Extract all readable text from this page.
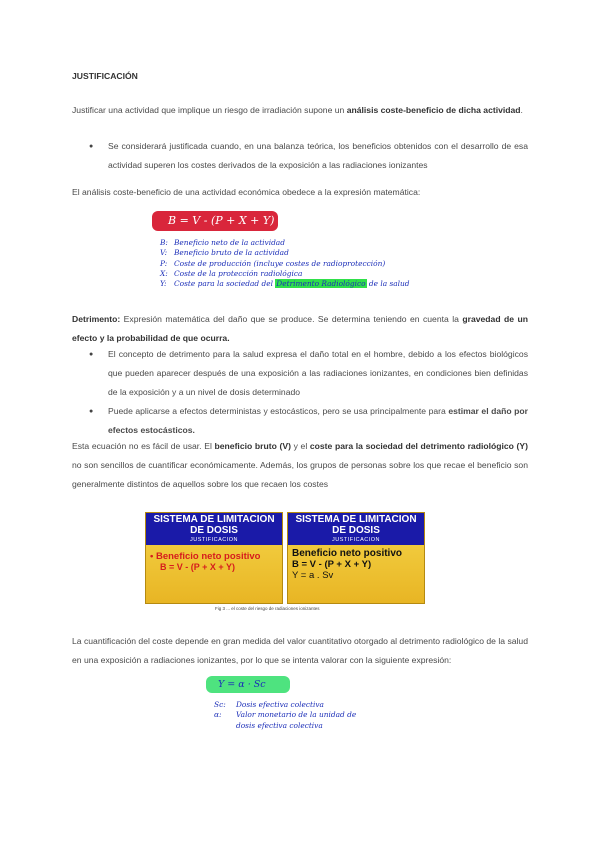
JUSTIFICACIÓN
Justificar una actividad que implique un riesgo de irradiación supone un análisis coste-beneficio de dicha actividad.
● Se considerará justificada cuando, en una balanza teórica, los beneficios obtenidos con el desarrollo de esa actividad superen los costes derivados de la exposición a las radiaciones ionizantes
El análisis coste-beneficio de una actividad económica obedece a la expresión matemática:
B = V - (P + X + Y)
B: Beneficio neto de la actividad
V: Beneficio bruto de la actividad
P: Coste de producción (incluye costes de radioprotección)
X: Coste de la protección radiológica
Y: Coste para la sociedad del Detrimento Radiológico de la salud
Detrimento: Expresión matemática del daño que se produce. Se determina teniendo en cuenta la gravedad de un efecto y la probabilidad de que ocurra.
● El concepto de detrimento para la salud expresa el daño total en el hombre, debido a los efectos biológicos que pueden aparecer después de una exposición a las radiaciones ionizantes, en condiciones bien definidas de la exposición y a un nivel de dosis determinado
● Puede aplicarse a efectos deterministas y estocásticos, pero se usa principalmente para estimar el daño por efectos estocásticos.
Esta ecuación no es fácil de usar. El beneficio bruto (V) y el coste para la sociedad del detrimento radiológico (Y) no son sencillos de cuantificar económicamente. Además, los grupos de personas sobre los que recae el beneficio son generalmente distintos de aquellos sobre los que recaen los costes
SISTEMA DE LIMITACION DE DOSIS
JUSTIFICACION
• Beneficio neto positivo
B = V - (P + X + Y)

SISTEMA DE LIMITACION DE DOSIS
JUSTIFICACION
Beneficio neto positivo
B = V - (P + X + Y)
Y = a . Sv
Fig 3 ... el coste del riesgo de radiaciones ionizantes
La cuantificación del coste depende en gran medida del valor cuantitativo otorgado al detrimento radiológico de la salud en una exposición a radiaciones ionizantes, por lo que se intenta valorar con la siguiente expresión:
Y = α · Sc
Sc: Dosis efectiva colectiva
α: Valor monetario de la unidad de
dosis efectiva colectiva
